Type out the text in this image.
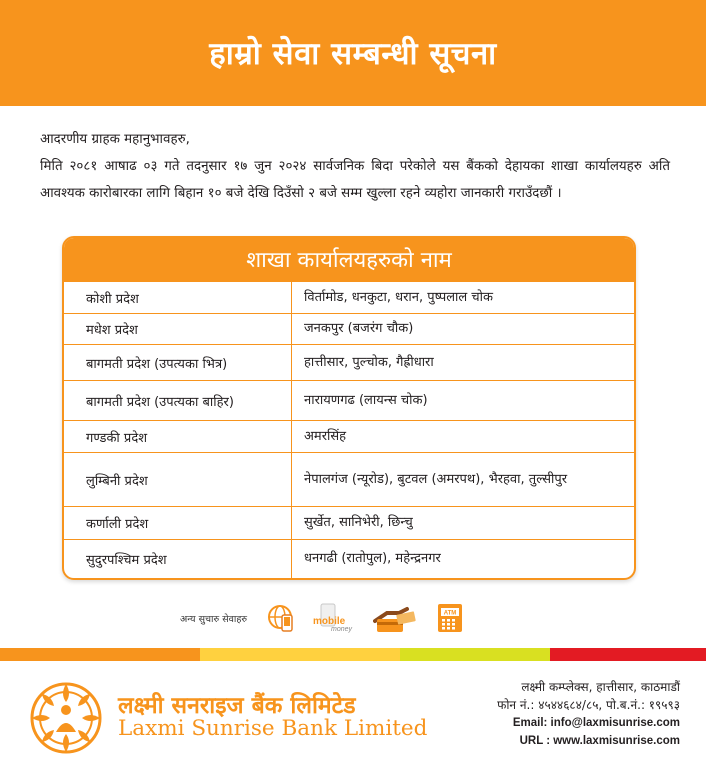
हाम्रो सेवा सम्बन्धी सूचना

आदरणीय ग्राहक महानुभावहरु,

मिति २०८१ आषाढ ०३ गते तदनुसार १७ जुन २०२४ सार्वजनिक बिदा परेकोले यस बैंकको देहायका शाखा कार्यालयहरु अति आवश्यक कारोबारका लागि बिहान १० बजे देखि दिउँसो २ बजे सम्म खुल्ला रहने व्यहोरा जानकारी गराउँदछौं ।

शाखा कार्यालयहरुको नाम
कोशी प्रदेश	विर्तामोड, धनकुटा, धरान, पुष्पलाल चोक
मधेश प्रदेश	जनकपुर (बजरंग चौक)
बागमती प्रदेश (उपत्यका भित्र)	हात्तीसार, पुल्चोक, गैह्रीधारा
बागमती प्रदेश (उपत्यका बाहिर)	नारायणगढ (लायन्स चोक)
गण्डकी प्रदेश	अमरसिंह
लुम्बिनी प्रदेश	नेपालगंज (न्यूरोड), बुटवल (अमरपथ), भैरहवा, तुल्सीपुर
कर्णाली प्रदेश	सुर्खेत, सानिभेरी, छिन्चु
सुदुरपश्चिम प्रदेश	धनगढी (रातोपुल), महेन्द्रनगर
अन्य सुचारु सेवाहरु	mobile
money
ATM
लक्ष्मी सनराइज बैंक लिमिटेड
Laxmi Sunrise Bank Limited
लक्ष्मी कम्प्लेक्स, हात्तीसार, काठमाडौं
फोन नं.: ४५४४६८४/८५, पो.ब.नं.: १९५९३
Email: info@laxmisunrise.com
URL : www.laxmisunrise.com
